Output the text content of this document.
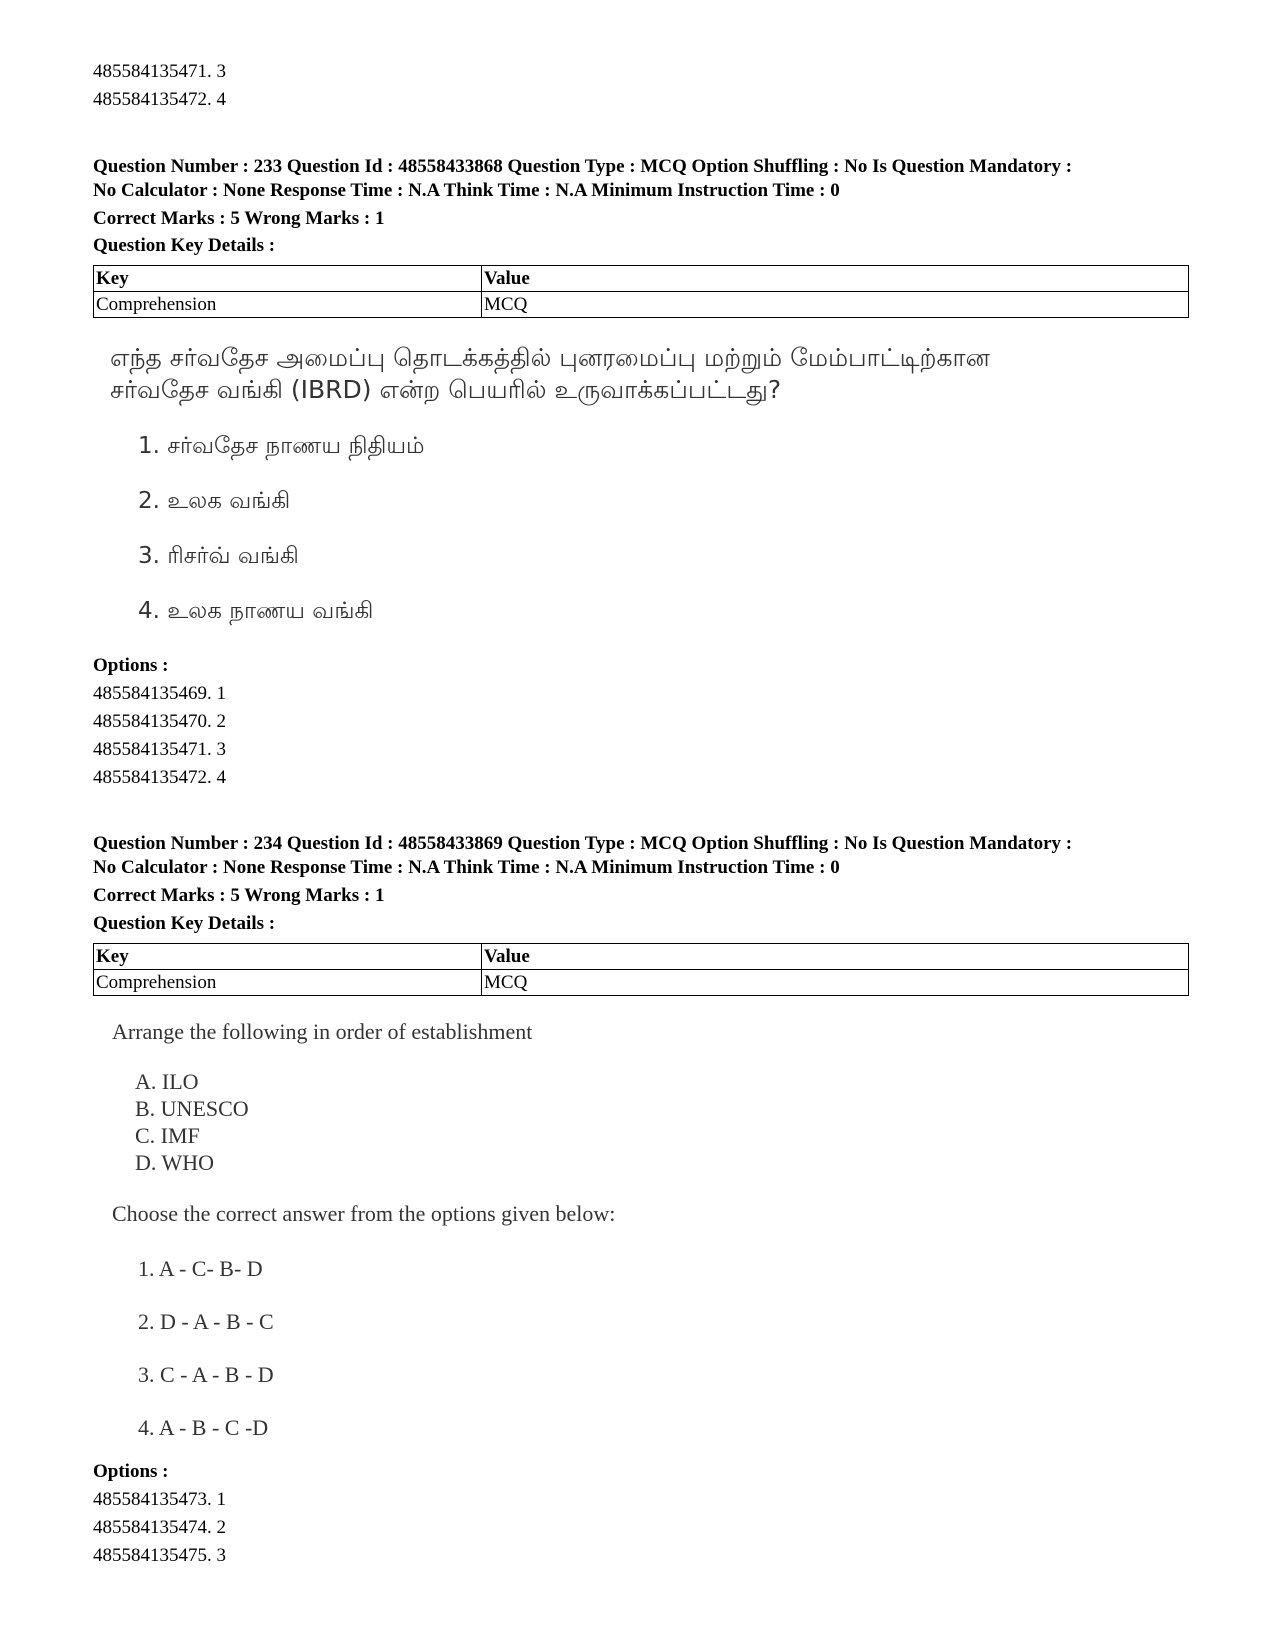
485584135471. 3
485584135472. 4
Question Number : 233 Question Id : 48558433868 Question Type : MCQ Option Shuffling : No Is Question Mandatory :
No Calculator : None Response Time : N.A Think Time : N.A Minimum Instruction Time : 0
Correct Marks : 5 Wrong Marks : 1
Question Key Details :
Key	Value
Comprehension	MCQ
எந்த சர்வதேச அமைப்பு தொடக்கத்தில் புனரமைப்பு மற்றும் மேம்பாட்டிற்கான
சர்வதேச வங்கி (IBRD) என்ற பெயரில் உருவாக்கப்பட்டது?
1. சர்வதேச நாணய நிதியம்
2. உலக வங்கி
3. ரிசர்வ் வங்கி
4. உலக நாணய வங்கி
Options :
485584135469. 1
485584135470. 2
485584135471. 3
485584135472. 4
Question Number : 234 Question Id : 48558433869 Question Type : MCQ Option Shuffling : No Is Question Mandatory :
No Calculator : None Response Time : N.A Think Time : N.A Minimum Instruction Time : 0
Correct Marks : 5 Wrong Marks : 1
Question Key Details :
Key	Value
Comprehension	MCQ
Arrange the following in order of establishment
A. ILO
B. UNESCO
C. IMF
D. WHO
Choose the correct answer from the options given below:
1. A - C- B- D
2. D - A - B - C
3. C - A - B - D
4. A - B - C -D
Options :
485584135473. 1
485584135474. 2
485584135475. 3
